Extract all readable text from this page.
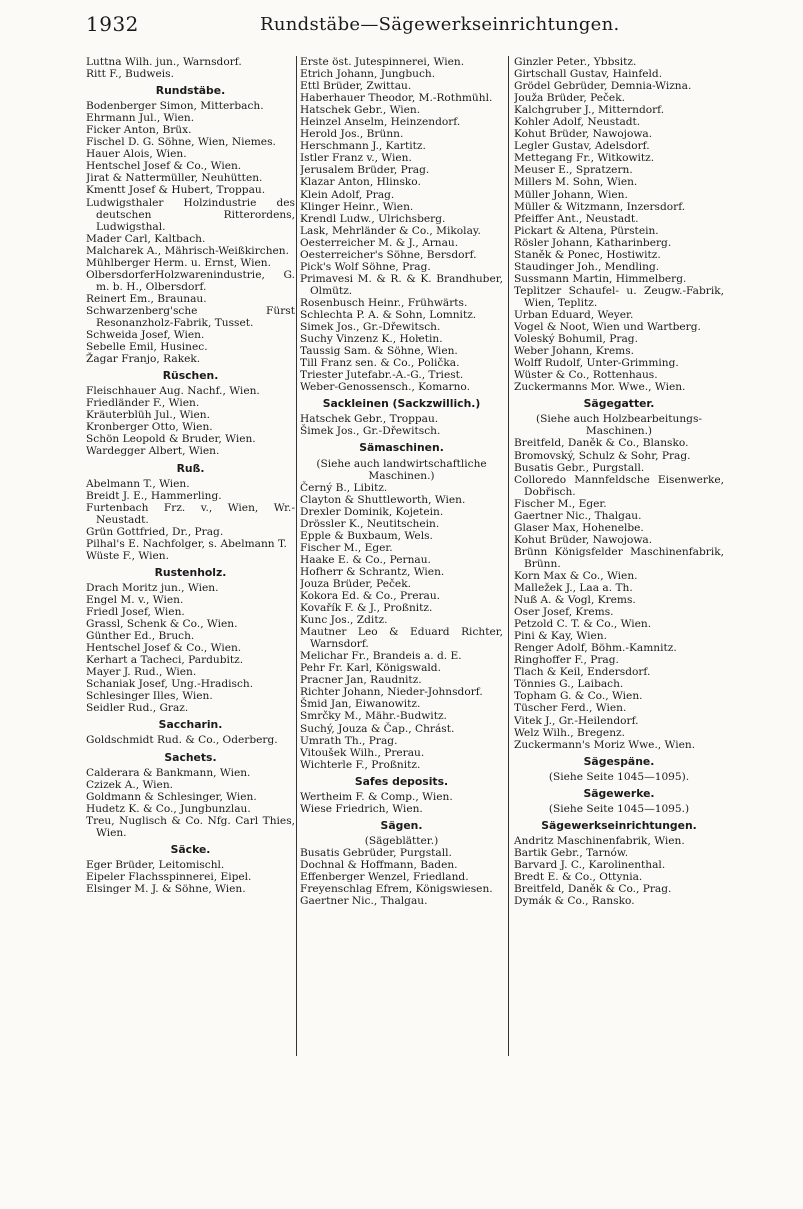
1932	Rundstäbe—Sägewerkseinrichtungen.
Luttna Wilh. jun., Warnsdorf.
Ritt F., Budweis.
Rundstäbe.
Bodenberger Simon, Mitterbach.
Ehrmann Jul., Wien.
Ficker Anton, Brüx.
Fischel D. G. Söhne, Wien, Niemes.
Hauer Alois, Wien.
Hentschel Josef & Co., Wien.
Jirat & Nattermüller, Neuhütten.
Kmentt Josef & Hubert, Troppau.
Ludwigsthaler Holzindustrie des deutschen Ritterordens, Ludwigsthal.
Mader Carl, Kaltbach.
Malcharek A., Mährisch-Weißkirchen.
Mühlberger Herm. u. Ernst, Wien.
OlbersdorferHolzwarenindustrie, G. m. b. H., Olbersdorf.
Reinert Em., Braunau.
Schwarzenberg'sche Fürst Resonanzholz-Fabrik, Tusset.
Schweida Josef, Wien.
Sebelle Emil, Husinec.
Žagar Franjo, Rakek.
Rüschen.
Fleischhauer Aug. Nachf., Wien.
Friedländer F., Wien.
Kräuterblüh Jul., Wien.
Kronberger Otto, Wien.
Schön Leopold & Bruder, Wien.
Wardegger Albert, Wien.
Ruß.
Abelmann T., Wien.
Breidt J. E., Hammerling.
Furtenbach Frz. v., Wien, Wr.-Neustadt.
Grün Gottfried, Dr., Prag.
Pilhal's E. Nachfolger, s. Abelmann T.
Wüste F., Wien.
Rustenholz.
Drach Moritz jun., Wien.
Engel M. v., Wien.
Friedl Josef, Wien.
Grassl, Schenk & Co., Wien.
Günther Ed., Bruch.
Hentschel Josef & Co., Wien.
Kerhart a Tacheci, Pardubitz.
Mayer J. Rud., Wien.
Schaniak Josef, Ung.-Hradisch.
Schlesinger Illes, Wien.
Seidler Rud., Graz.
Saccharin.
Goldschmidt Rud. & Co., Oderberg.
Sachets.
Calderara & Bankmann, Wien.
Czizek A., Wien.
Goldmann & Schlesinger, Wien.
Hudetz K. & Co., Jungbunzlau.
Treu, Nuglisch & Co. Nfg. Carl Thies, Wien.
Säcke.
Eger Brüder, Leitomischl.
Eipeler Flachsspinnerei, Eipel.
Elsinger M. J. & Söhne, Wien.
Erste öst. Jutespinnerei, Wien.
Etrich Johann, Jungbuch.
Ettl Brüder, Zwittau.
Haberhauer Theodor, M.-Rothmühl.
Hatschek Gebr., Wien.
Heinzel Anselm, Heinzendorf.
Herold Jos., Brünn.
Herschmann J., Kartitz.
Istler Franz v., Wien.
Jerusalem Brüder, Prag.
Klazar Anton, Hlinsko.
Klein Adolf, Prag.
Klinger Heinr., Wien.
Krendl Ludw., Ulrichsberg.
Lask, Mehrländer & Co., Mikolay.
Oesterreicher M. & J., Arnau.
Oesterreicher's Söhne, Bersdorf.
Pick's Wolf Söhne, Prag.
Primavesi M. & R. & K. Brandhuber, Olmütz.
Rosenbusch Heinr., Frühwärts.
Schlechta P. A. & Sohn, Lomnitz.
Simek Jos., Gr.-Dřewitsch.
Suchy Vinzenz K., Hoŀetin.
Taussig Sam. & Söhne, Wien.
Till Franz sen. & Co., Polička.
Triester Jutefabr.-A.-G., Triest.
Weber-Genossensch., Komarno.
Sackleinen (Sackzwillich.)
Hatschek Gebr., Troppau.
Šimek Jos., Gr.-Dřewitsch.
Sämaschinen.
(Siehe auch landwirtschaftliche Maschinen.)
Černý B., Libitz.
Clayton & Shuttleworth, Wien.
Drexler Dominik, Kojetein.
Drössler K., Neutitschein.
Epple & Buxbaum, Wels.
Fischer M., Eger.
Haake E. & Co., Pernau.
Hofherr & Schrantz, Wien.
Jouza Brüder, Peček.
Kokora Ed. & Co., Prerau.
Kovařík F. & J., Proßnitz.
Kunc Jos., Zditz.
Mautner Leo & Eduard Richter, Warnsdorf.
Melichar Fr., Brandeis a. d. E.
Pehr Fr. Karl, Königswald.
Pracner Jan, Raudnitz.
Richter Johann, Nieder-Johnsdorf.
Šmid Jan, Eiwanowitz.
Smrčky M., Mähr.-Budwitz.
Suchý, Jouza & Čap., Chrást.
Umrath Th., Prag.
Vitoušek Wilh., Prerau.
Wichterle F., Proßnitz.
Safes deposits.
Wertheim F. & Comp., Wien.
Wiese Friedrich, Wien.
Sägen.
(Sägeblätter.)
Busatis Gebrüder, Purgstall.
Dochnal & Hoffmann, Baden.
Effenberger Wenzel, Friedland.
Freyenschlag Efrem, Königswiesen.
Gaertner Nic., Thalgau.
Ginzler Peter., Ybbsitz.
Girtschall Gustav, Hainfeld.
Grödel Gebrüder, Demnia-Wizna.
Jouža Brüder, Peček.
Kalchgruber J., Mitterndorf.
Kohler Adolf, Neustadt.
Kohut Brüder, Nawojowa.
Legler Gustav, Adelsdorf.
Mettegang Fr., Witkowitz.
Meuser E., Spratzern.
Millers M. Sohn, Wien.
Müller Johann, Wien.
Müller & Witzmann, Inzersdorf.
Pfeiffer Ant., Neustadt.
Pickart & Altena, Pürstein.
Rösler Johann, Katharinberg.
Staněk & Ponec, Hostiwitz.
Staudinger Joh., Mendling.
Sussmann Martin, Himmelberg.
Teplitzer Schaufel- u. Zeugw.-Fabrik, Wien, Teplitz.
Urban Eduard, Weyer.
Vogel & Noot, Wien und Wartberg.
Voleský Bohumil, Prag.
Weber Johann, Krems.
Wolff Rudolf, Unter-Grimming.
Wüster & Co., Rottenhaus.
Zuckermanns Mor. Wwe., Wien.
Sägegatter.
(Siehe auch Holzbearbeitungs-Maschinen.)
Breitfeld, Daněk & Co., Blansko.
Bromovský, Schulz & Sohr, Prag.
Busatis Gebr., Purgstall.
Colloredo Mannfeldsche Eisenwerke, Dobřisch.
Fischer M., Eger.
Gaertner Nic., Thalgau.
Glaser Max, Hohenelbe.
Kohut Brüder, Nawojowa.
Brünn Königsfelder Maschinenfabrik, Brünn.
Korn Max & Co., Wien.
Malležek J., Laa a. Th.
Nuß A. & Vogl, Krems.
Oser Josef, Krems.
Petzold C. T. & Co., Wien.
Pini & Kay, Wien.
Renger Adolf, Böhm.-Kamnitz.
Ringhoffer F., Prag.
Tlach & Keil, Endersdorf.
Tönnies G., Laibach.
Topham G. & Co., Wien.
Tüscher Ferd., Wien.
Vitek J., Gr.-Heilendorf.
Welz Wilh., Bregenz.
Zuckermann's Moriz Wwe., Wien.
Sägespäne.
(Siehe Seite 1045—1095).
Sägewerke.
(Siehe Seite 1045—1095.)
Sägewerkseinrichtungen.
Andritz Maschinenfabrik, Wien.
Bartik Gebr., Tarnów.
Barvard J. C., Karolinenthal.
Bredt E. & Co., Ottynia.
Breitfeld, Daněk & Co., Prag.
Dymák & Co., Ransko.
